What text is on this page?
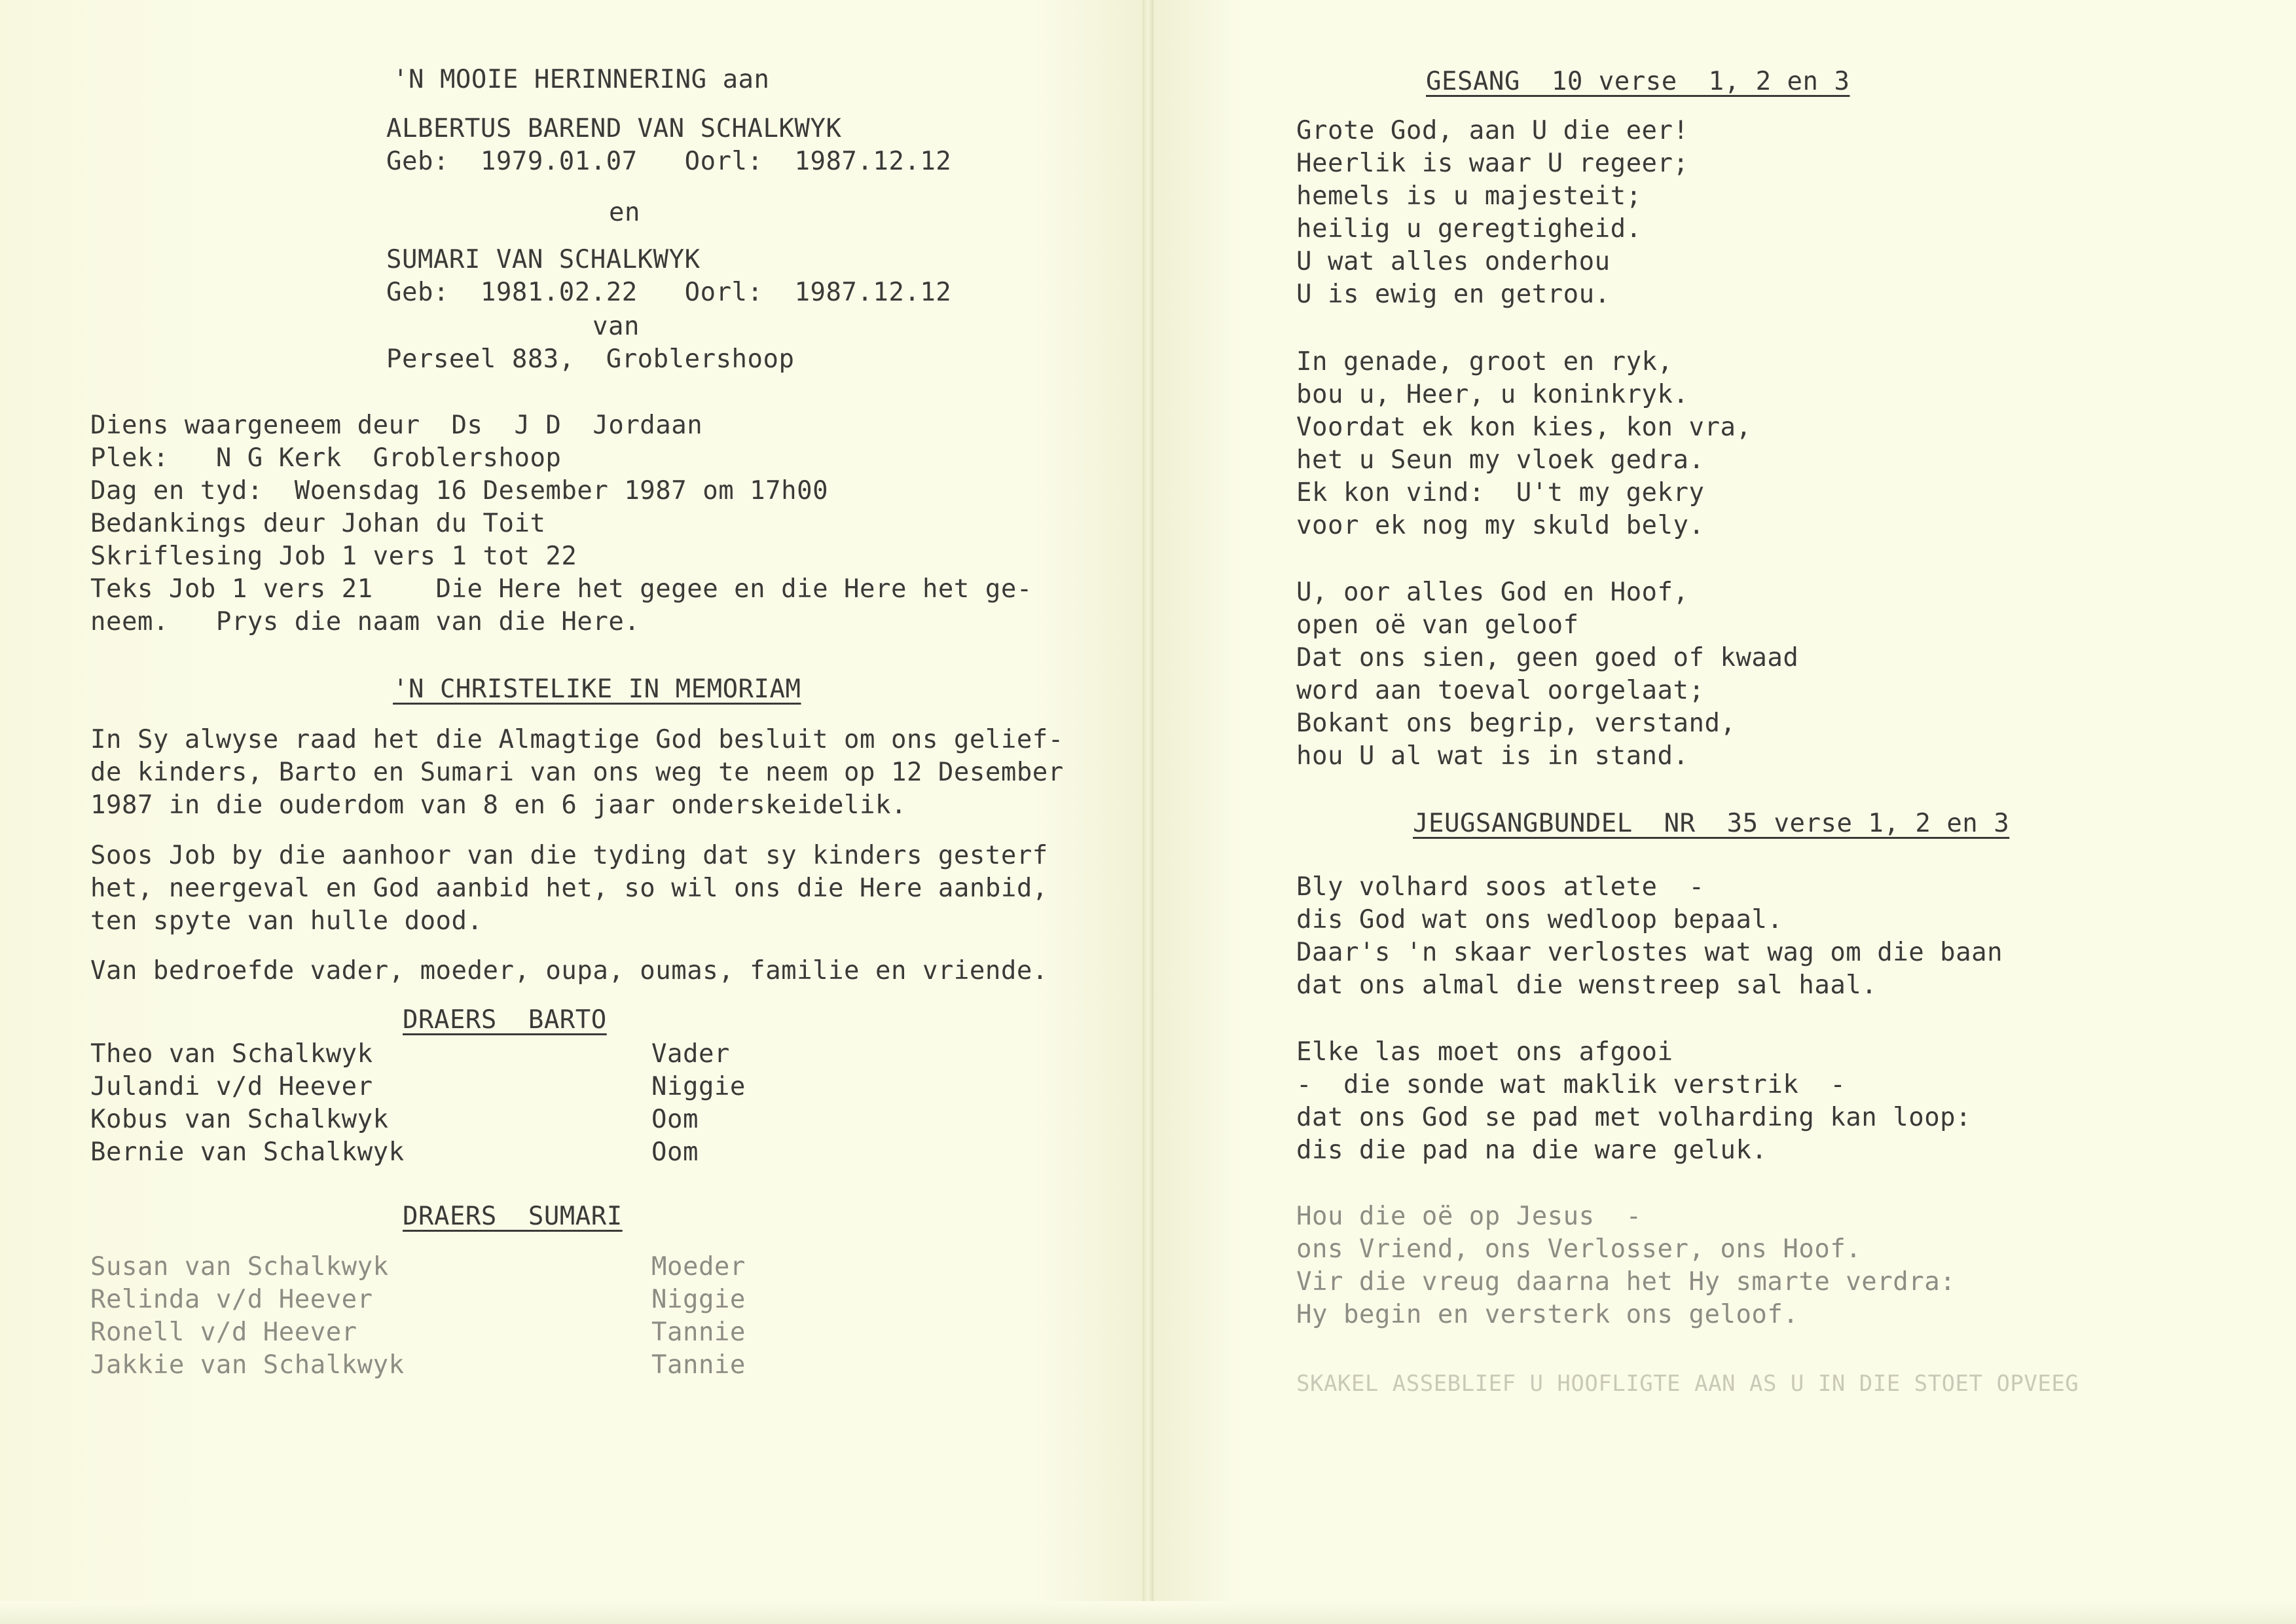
'N MOOIE HERINNERING aan
ALBERTUS BAREND VAN SCHALKWYK
Geb:  1979.01.07   Oorl:  1987.12.12
en
SUMARI VAN SCHALKWYK
Geb:  1981.02.22   Oorl:  1987.12.12
van
Perseel 883,  Groblershoop
Diens waargeneem deur  Ds  J D  Jordaan
Plek:   N G Kerk  Groblershoop
Dag en tyd:  Woensdag 16 Desember 1987 om 17h00
Bedankings deur Johan du Toit
Skriflesing Job 1 vers 1 tot 22
Teks Job 1 vers 21    Die Here het gegee en die Here het ge-
neem.   Prys die naam van die Here.
'N CHRISTELIKE IN MEMORIAM
In Sy alwyse raad het die Almagtige God besluit om ons gelief-
de kinders, Barto en Sumari van ons weg te neem op 12 Desember
1987 in die ouderdom van 8 en 6 jaar onderskeidelik.
Soos Job by die aanhoor van die tyding dat sy kinders gesterf
het, neergeval en God aanbid het, so wil ons die Here aanbid,
ten spyte van hulle dood.
Van bedroefde vader, moeder, oupa, oumas, familie en vriende.
DRAERS  BARTO
Theo van Schalkwyk	Vader
Julandi v/d Heever	Niggie
Kobus van Schalkwyk	Oom
Bernie van Schalkwyk	Oom
DRAERS  SUMARI
Susan van Schalkwyk	Moeder
Relinda v/d Heever	Niggie
Ronell v/d Heever	Tannie
Jakkie van Schalkwyk	Tannie
GESANG  10 verse  1, 2 en 3
Grote God, aan U die eer!
Heerlik is waar U regeer;
hemels is u majesteit;
heilig u geregtigheid.
U wat alles onderhou
U is ewig en getrou.
In genade, groot en ryk,
bou u, Heer, u koninkryk.
Voordat ek kon kies, kon vra,
het u Seun my vloek gedra.
Ek kon vind:  U't my gekry
voor ek nog my skuld bely.
U, oor alles God en Hoof,
open oë van geloof
Dat ons sien, geen goed of kwaad
word aan toeval oorgelaat;
Bokant ons begrip, verstand,
hou U al wat is in stand.
JEUGSANGBUNDEL  NR  35 verse 1, 2 en 3
Bly volhard soos atlete  -
dis God wat ons wedloop bepaal.
Daar's 'n skaar verlostes wat wag om die baan
dat ons almal die wenstreep sal haal.
Elke las moet ons afgooi
-  die sonde wat maklik verstrik  -
dat ons God se pad met volharding kan loop:
dis die pad na die ware geluk.
Hou die oë op Jesus  -
ons Vriend, ons Verlosser, ons Hoof.
Vir die vreug daarna het Hy smarte verdra:
Hy begin en versterk ons geloof.
SKAKEL ASSEBLIEF U HOOFLIGTE AAN AS U IN DIE STOET OPVEEG
